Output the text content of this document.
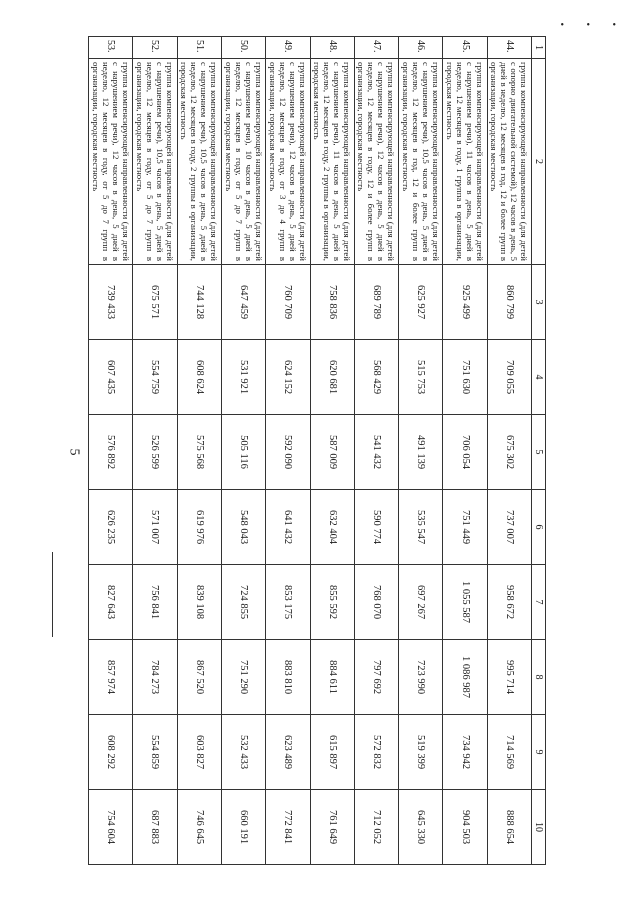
• • •
5
1	2	3	4	5	6	7	8	9	10
44.	группа компенсирующей направленности (для детей с опорно двигательной системой), 12 часов в день, 5 дней в неделю, 12 месяцев в год, 12 и более групп в организации, городская местность	860 799	709 055	675 302	737 007	958 672	995 714	714 569	888 654
45.	группа компенсирующей направленности (для детей с нарушением речи), 11 часов в день, 5 дней в неделю, 12 месяцев в году, 1 группа в организации, городская местность	925 499	751 630	706 054	751 449	1 055 587	1 086 987	734 942	904 503
46.	группа компенсирующей направленности (для детей с нарушением речи), 10,5 часов в день, 5 дней в неделю, 12 месяцев в год, 12 и более групп в организации, городская местность	625 927	515 753	491 139	535 547	697 267	723 990	519 399	645 330
47.	группа компенсирующей направленности (для детей с нарушением речи), 12 часов в день, 5 дней в неделю, 12 месяцев в году, 12 и более групп в организации, городская местность	689 789	568 429	541 432	590 774	768 070	797 692	572 832	712 052
48.	группа компенсирующей направленности (для детей с нарушением речи), 11 часов в день, 5 дней в неделю, 12 месяцев в году, 2 группы в организации, городская местность	758 836	620 681	587 009	632 404	855 592	884 611	615 897	761 649
49.	группа компенсирующей направленности (для детей с нарушением речи), 12 часов в день, 5 дней в неделю, 12 месяцев в году, от 3 до 4 групп в организации, городская местность	760 709	624 152	592 090	641 432	853 175	883 810	623 489	772 841
50.	группа компенсирующей направленности (для детей с нарушением речи), 10 часов в день, 5 дней в неделю, 12 месяцев в году, от 5 до 7 групп в организации, городская местность	647 459	531 921	505 116	548 043	724 855	751 290	532 433	660 191
51.	группа компенсирующей направленности (для детей с нарушением речи), 10,5 часов в день, 5 дней в неделю, 12 месяцев в году, 2 группы в организации, городская местность	744 128	608 624	575 568	619 976	839 108	867 520	603 827	746 645
52.	группа компенсирующей направленности (для детей с нарушением речи), 10,5 часов в день, 5 дней в неделю, 12 месяцев в году, от 5 до 7 групп в организации, городская местность	675 571	554 759	526 599	571 007	756 841	784 273	554 859	687 883
53.	группа компенсирующей направленности (для детей с нарушением речи), 12 часов в день, 5 дней в неделю, 12 месяцев в году, от 5 до 7 групп в организации, городская местность	739 433	607 435	576 892	626 235	827 643	857 974	608 292	754 604
